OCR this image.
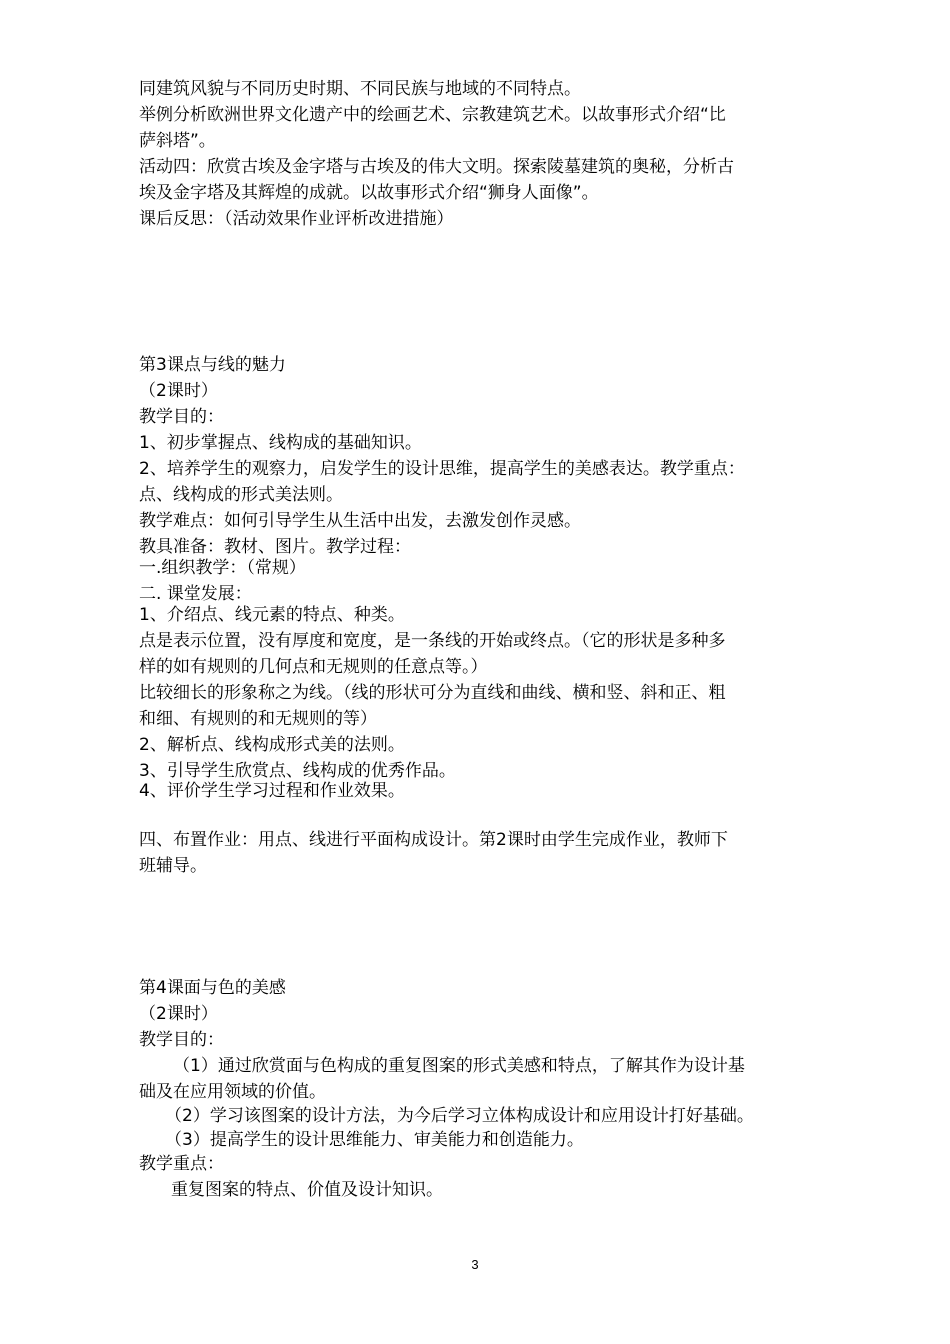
同建筑风貌与不同历史时期、不同民族与地域的不同特点。
举例分析欧洲世界文化遗产中的绘画艺术、宗教建筑艺术。以故事形式介绍“比
萨斜塔”。
活动四：欣赏古埃及金字塔与古埃及的伟大文明。探索陵墓建筑的奥秘，分析古
埃及金字塔及其辉煌的成就。以故事形式介绍“狮身人面像”。
课后反思：（活动效果作业评析改进措施）
第3课点与线的魅力
（2课时）
教学目的：
1、初步掌握点、线构成的基础知识。
2、培养学生的观察力，启发学生的设计思维，提高学生的美感表达。教学重点：
点、线构成的形式美法则。
教学难点：如何引导学生从生活中出发，去激发创作灵感。
教具准备：教材、图片。教学过程：
一.组织教学：（常规）
二. 课堂发展：
1、介绍点、线元素的特点、种类。
点是表示位置，没有厚度和宽度，是一条线的开始或终点。（它的形状是多种多
样的如有规则的几何点和无规则的任意点等。）
比较细长的形象称之为线。（线的形状可分为直线和曲线、横和竖、斜和正、粗
和细、有规则的和无规则的等）
2、解析点、线构成形式美的法则。
3、引导学生欣赏点、线构成的优秀作品。
4、评价学生学习过程和作业效果。
四、布置作业：用点、线进行平面构成设计。第2课时由学生完成作业，教师下
班辅导。
第4课面与色的美感
（2课时）
教学目的：
（1）通过欣赏面与色构成的重复图案的形式美感和特点，了解其作为设计基
础及在应用领域的价值。
（2）学习该图案的设计方法，为今后学习立体构成设计和应用设计打好基础。
（3）提高学生的设计思维能力、审美能力和创造能力。
教学重点：
重复图案的特点、价值及设计知识。
3
